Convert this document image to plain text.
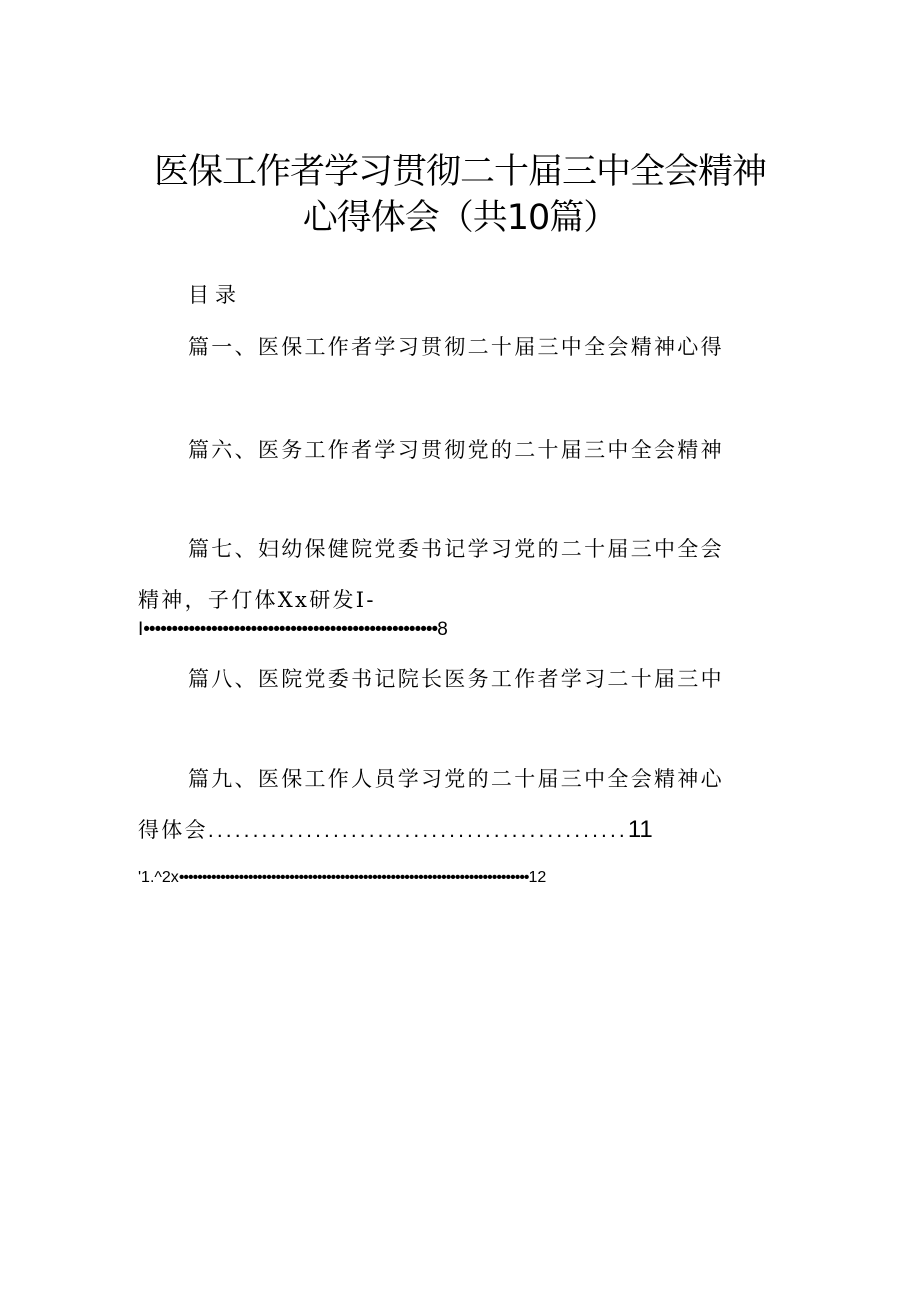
医保工作者学习贯彻二十届三中全会精神
心得体会（共10篇）
目录
篇一、医保工作者学习贯彻二十届三中全会精神心得
篇六、医务工作者学习贯彻党的二十届三中全会精神
篇七、妇幼保健院党委书记学习党的二十届三中全会
精神，子仃体Xx研发I-
I••••••••••••••••••••••••••••••••••••••••••••••••••••8
篇八、医院党委书记院长医务工作者学习二十届三中
篇九、医保工作人员学习党的二十届三中全会精神心
得体会...............................................11
'1.^2x••••••••••••••••••••••••••••••••••••••••••••••••••••••••••••••••••••••••••••12
